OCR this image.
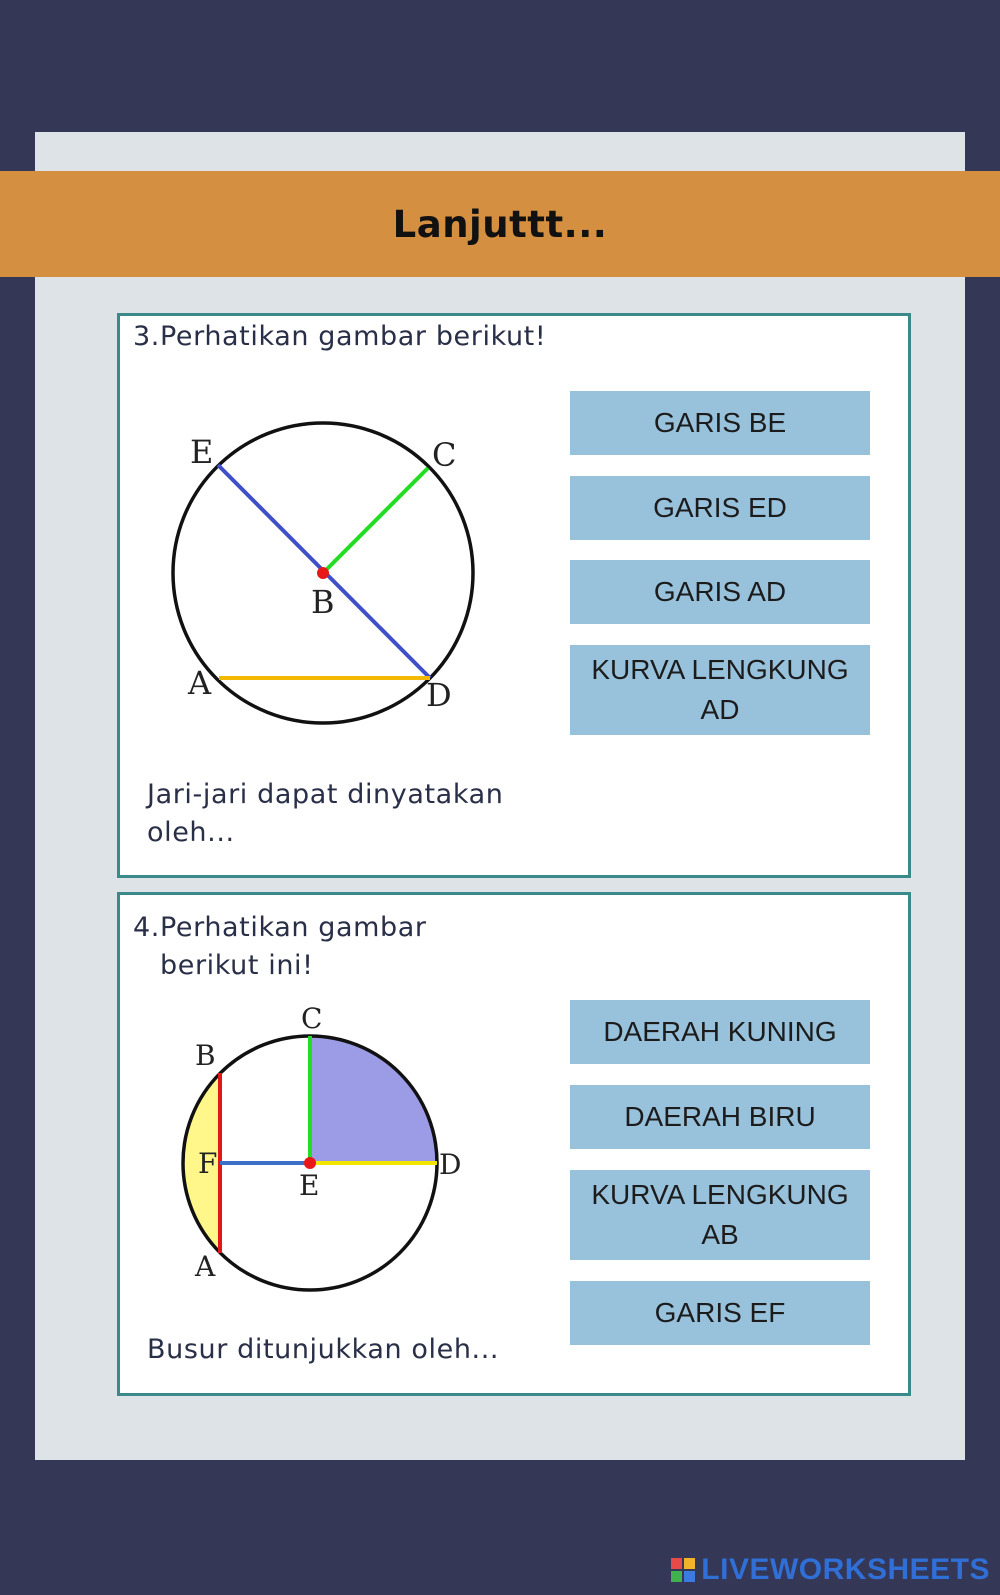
Lanjuttt...
3.Perhatikan gambar berikut!
E	C
B
A	D
GARIS BE
GARIS ED
GARIS AD
KURVA LENGKUNG
AD
Jari-jari dapat dinyatakan
oleh...
4.Perhatikan gambar
berikut ini!
C
B
F
E
D
A
DAERAH KUNING
DAERAH BIRU
KURVA LENGKUNG
AB
GARIS EF
Busur ditunjukkan oleh...
LIVEWORKSHEETS
